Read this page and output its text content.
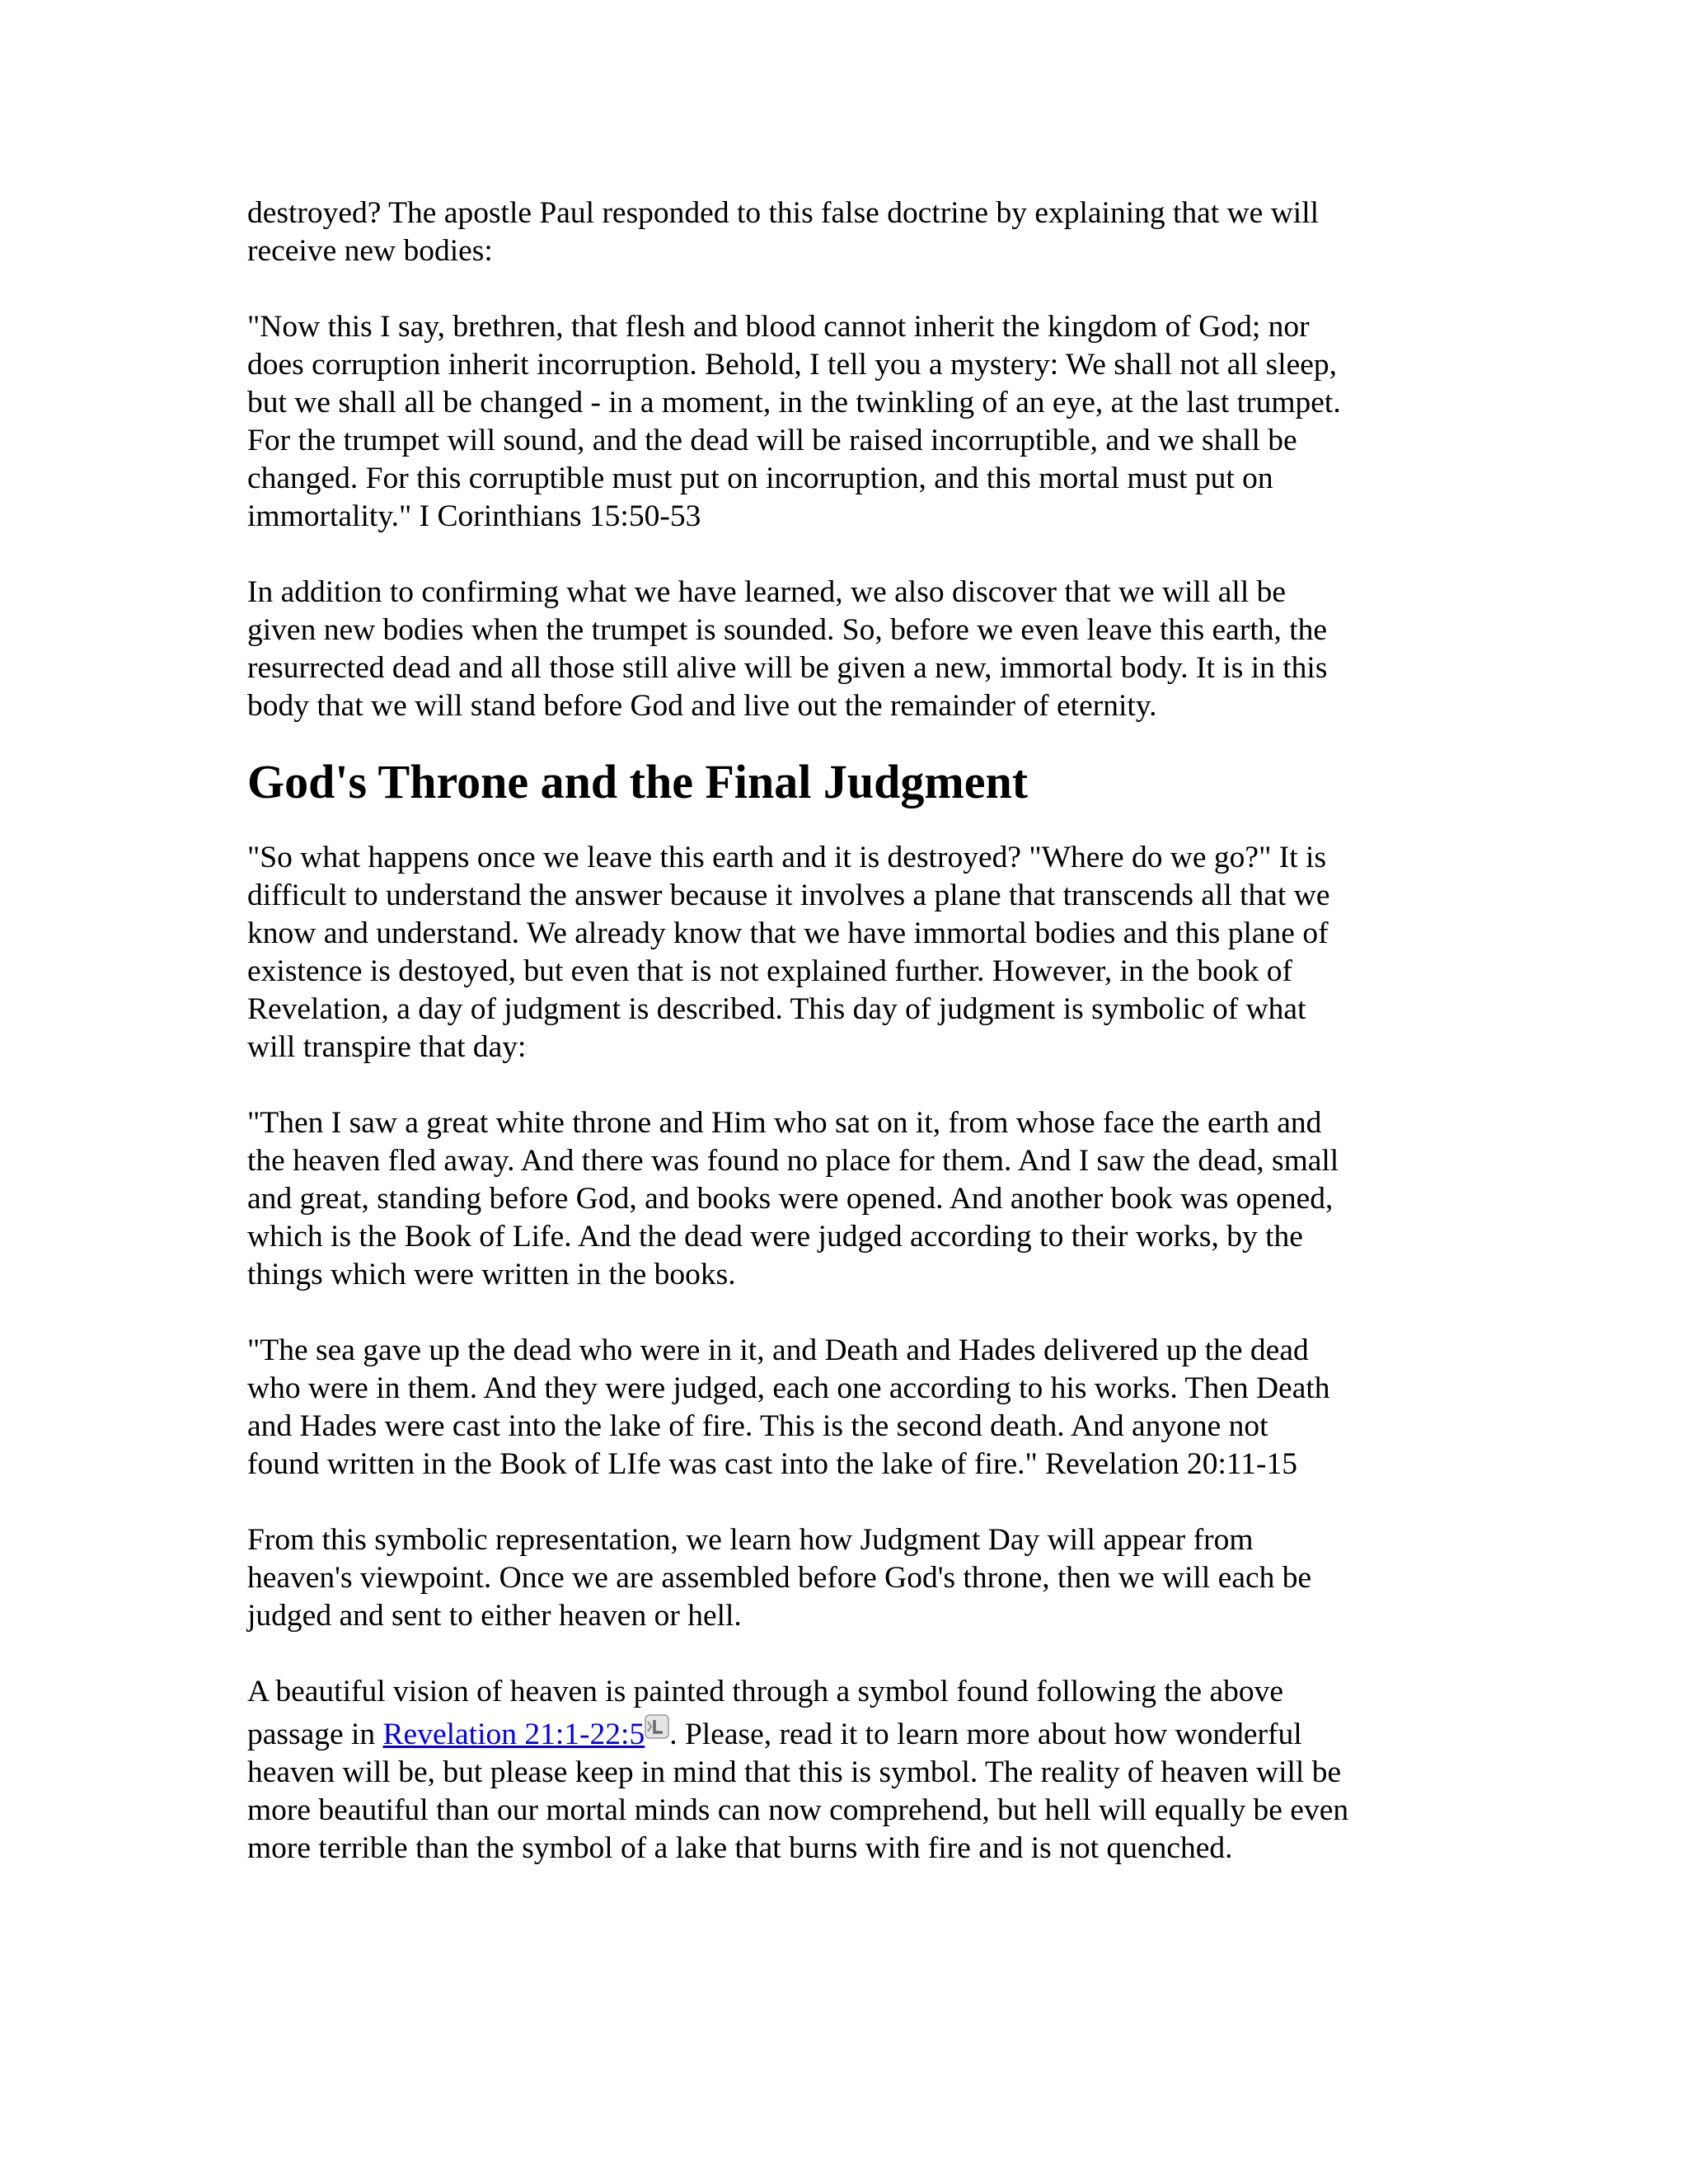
destroyed? The apostle Paul responded to this false doctrine by explaining that we will
receive new bodies:

"Now this I say, brethren, that flesh and blood cannot inherit the kingdom of God; nor
does corruption inherit incorruption. Behold, I tell you a mystery: We shall not all sleep,
but we shall all be changed - in a moment, in the twinkling of an eye, at the last trumpet.
For the trumpet will sound, and the dead will be raised incorruptible, and we shall be
changed. For this corruptible must put on incorruption, and this mortal must put on
immortality." I Corinthians 15:50-53

In addition to confirming what we have learned, we also discover that we will all be
given new bodies when the trumpet is sounded. So, before we even leave this earth, the
resurrected dead and all those still alive will be given a new, immortal body. It is in this
body that we will stand before God and live out the remainder of eternity.

God's Throne and the Final Judgment

"So what happens once we leave this earth and it is destroyed? "Where do we go?" It is
difficult to understand the answer because it involves a plane that transcends all that we
know and understand. We already know that we have immortal bodies and this plane of
existence is destoyed, but even that is not explained further. However, in the book of
Revelation, a day of judgment is described. This day of judgment is symbolic of what
will transpire that day:

"Then I saw a great white throne and Him who sat on it, from whose face the earth and
the heaven fled away. And there was found no place for them. And I saw the dead, small
and great, standing before God, and books were opened. And another book was opened,
which is the Book of Life. And the dead were judged according to their works, by the
things which were written in the books.

"The sea gave up the dead who were in it, and Death and Hades delivered up the dead
who were in them. And they were judged, each one according to his works. Then Death
and Hades were cast into the lake of fire. This is the second death. And anyone not
found written in the Book of LIfe was cast into the lake of fire." Revelation 20:11-15

From this symbolic representation, we learn how Judgment Day will appear from
heaven's viewpoint. Once we are assembled before God's throne, then we will each be
judged and sent to either heaven or hell.

A beautiful vision of heaven is painted through a symbol found following the above
passage in Revelation 21:1-22:5 . Please, read it to learn more about how wonderful
heaven will be, but please keep in mind that this is symbol. The reality of heaven will be
more beautiful than our mortal minds can now comprehend, but hell will equally be even
more terrible than the symbol of a lake that burns with fire and is not quenched.
